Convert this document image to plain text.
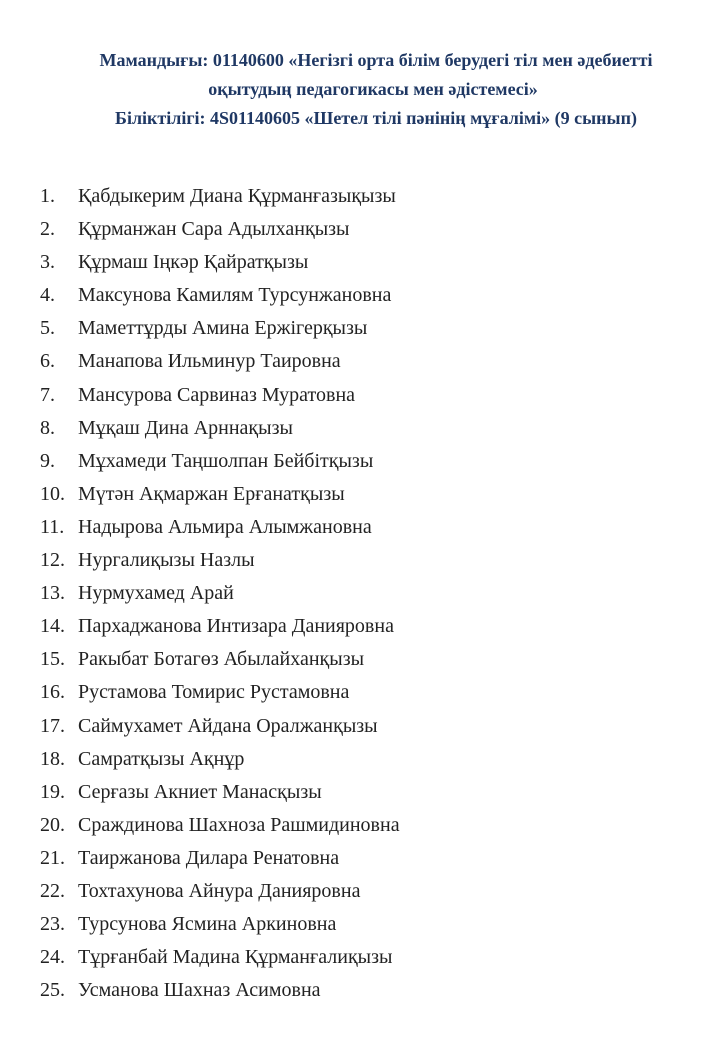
Мамандығы: 01140600 «Негізгі орта білім берудегі тіл мен әдебиетті
оқытудың педагогикасы мен әдістемесі»
Біліктілігі: 4S01140605 «Шетел тілі пәнінің мұғалімі» (9 сынып)
1.	Қабдыкерим Диана Құрманғазықызы
2.	Құрманжан Сара Адылханқызы
3.	Құрмаш Іңкәр Қайратқызы
4.	Максунова Камилям Турсунжановна
5.	Маметтұрды Амина Ержігерқызы
6.	Манапова Ильминур Таировна
7.	Мансурова Сарвиназ Муратовна
8.	Мұқаш Дина Арннақызы
9.	Мұхамеди Таңшолпан Бейбітқызы
10. Мүтән Ақмаржан Ерғанатқызы
11. Надырова Альмира Алымжановна
12. Нургалиқызы Назлы
13. Нурмухамед Арай
14. Пархаджанова Интизара Данияровна
15. Ракыбат Ботагөз Абылайханқызы
16. Рустамова Томирис Рустамовна
17. Саймухамет Айдана Оралжанқызы
18. Самратқызы Ақнұр
19. Серғазы Акниет Манасқызы
20. Сраждинова Шахноза Рашмидиновна
21. Таиржанова Дилара Ренатовна
22. Тохтахунова Айнура Данияровна
23. Турсунова Ясмина Аркиновна
24. Тұрғанбай Мадина Құрманғалиқызы
25. Усманова Шахназ Асимовна
